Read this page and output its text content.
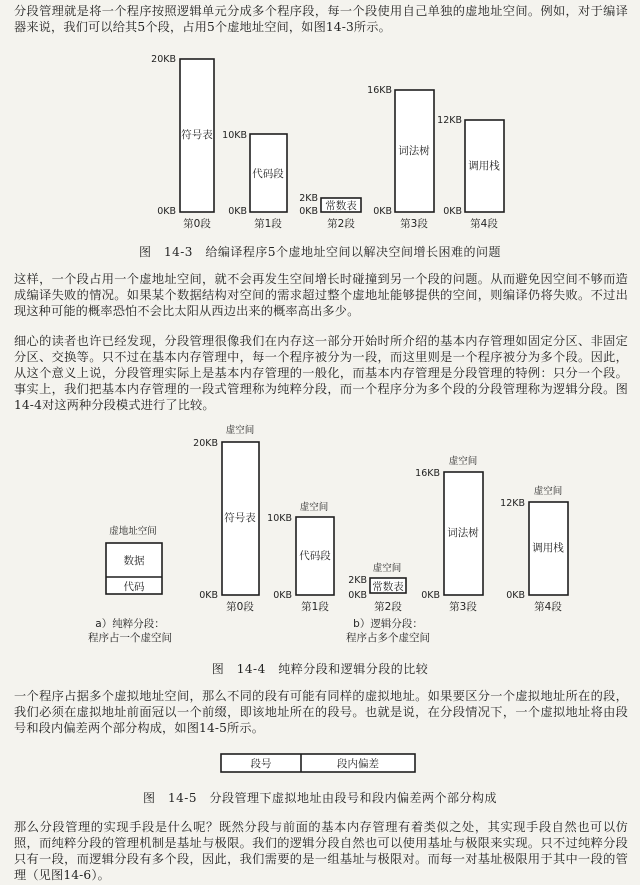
分段管理就是将一个程序按照逻辑单元分成多个程序段，每一个段使用自己单独的虚地址空间。例如，对于编译器来说，我们可以给其5个段，占用5个虚地址空间，如图14-3所示。

符号表
20KB
0KB
第0段
代码段
10KB
0KB
第1段
常数表
2KB
0KB
第2段
词法树
16KB
0KB
第3段
调用栈
12KB
0KB
第4段
虚地址空间
数据
代码
a）纯粹分段：
程序占一个虚空间
虚空间
符号表
20KB
0KB
第0段
虚空间
代码段
10KB
0KB
第1段
虚空间
常数表
2KB
0KB
第2段
b）逻辑分段：
程序占多个虚空间
虚空间
词法树
16KB
0KB
第3段
虚空间
调用栈
12KB
0KB
第4段
段号	段内偏差
图　14-3　给编译程序5个虚地址空间以解决空间增长困难的问题

这样，一个段占用一个虚地址空间，就不会再发生空间增长时碰撞到另一个段的问题。从而避免因空间不够而造成编译失败的情况。如果某个数据结构对空间的需求超过整个虚地址能够提供的空间，则编译仍将失败。不过出现这种可能的概率恐怕不会比太阳从西边出来的概率高出多少。

细心的读者也许已经发现，分段管理很像我们在内存这一部分开始时所介绍的基本内存管理如固定分区、非固定分区、交换等。只不过在基本内存管理中，每一个程序被分为一段，而这里则是一个程序被分为多个段。因此，从这个意义上说，分段管理实际上是基本内存管理的一般化，而基本内存管理是分段管理的特例：只分一个段。事实上，我们把基本内存管理的一段式管理称为纯粹分段，而一个程序分为多个段的分段管理称为逻辑分段。图14-4对这两种分段模式进行了比较。

图　14-4　纯粹分段和逻辑分段的比较

一个程序占据多个虚拟地址空间，那么不同的段有可能有同样的虚拟地址。如果要区分一个虚拟地址所在的段，我们必须在虚拟地址前面冠以一个前缀，即该地址所在的段号。也就是说，在分段情况下，一个虚拟地址将由段号和段内偏差两个部分构成，如图14-5所示。

图　14-5　分段管理下虚拟地址由段号和段内偏差两个部分构成

那么分段管理的实现手段是什么呢？既然分段与前面的基本内存管理有着类似之处，其实现手段自然也可以仿照，而纯粹分段的管理机制是基址与极限。我们的逻辑分段自然也可以使用基址与极限来实现。只不过纯粹分段只有一段，而逻辑分段有多个段，因此，我们需要的是一组基址与极限对。而每一对基址极限用于其中一段的管理（见图14-6）。
